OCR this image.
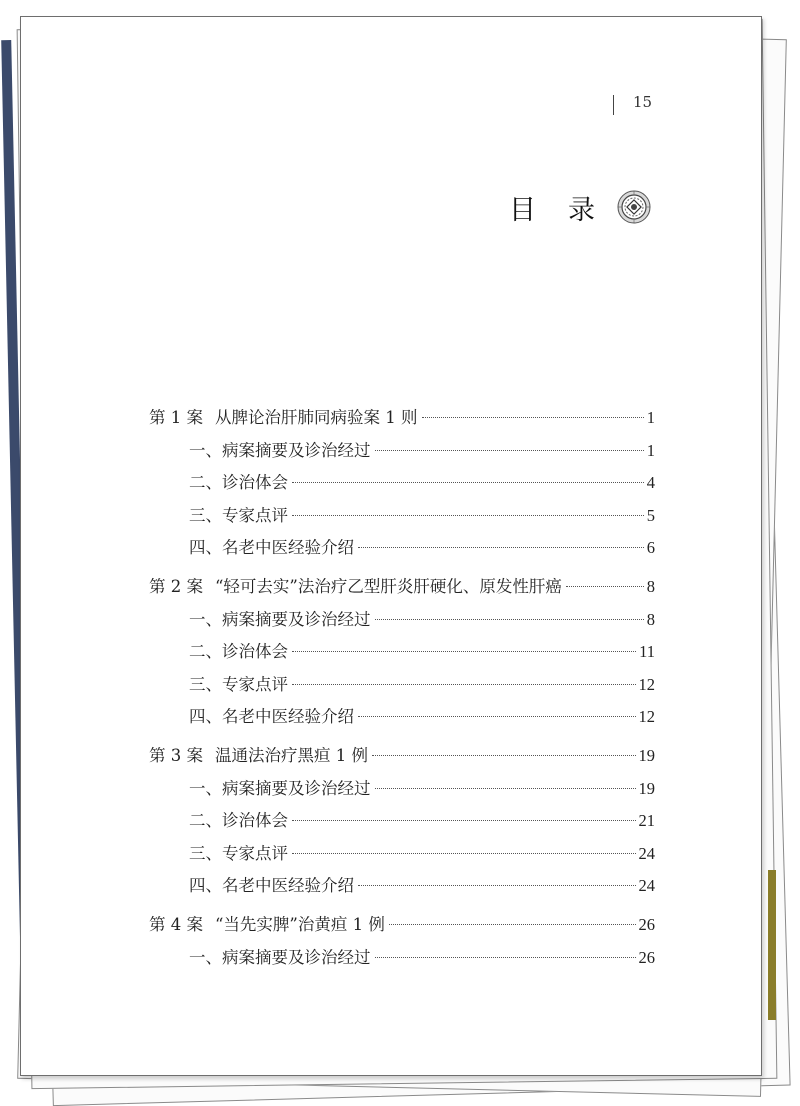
15
目 录
第 1 案 从脾论治肝肺同病验案 1 则	1
一、病案摘要及诊治经过	1
二、诊治体会	4
三、专家点评	5
四、名老中医经验介绍	6
第 2 案 “轻可去实”法治疗乙型肝炎肝硬化、原发性肝癌	8
一、病案摘要及诊治经过	8
二、诊治体会	11
三、专家点评	12
四、名老中医经验介绍	12
第 3 案 温通法治疗黑疸 1 例	19
一、病案摘要及诊治经过	19
二、诊治体会	21
三、专家点评	24
四、名老中医经验介绍	24
第 4 案 “当先实脾”治黄疸 1 例	26
一、病案摘要及诊治经过	26
